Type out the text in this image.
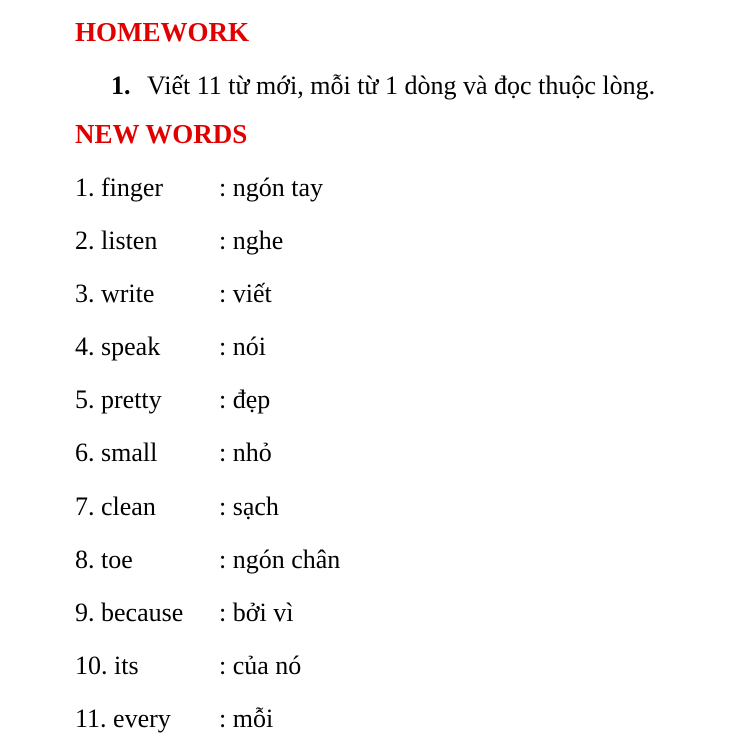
HOMEWORK
1. Viết 11 từ mới, mỗi từ 1 dòng và đọc thuộc lòng.
NEW WORDS
1. finger : ngón tay
2. listen : nghe
3. write : viết
4. speak : nói
5. pretty : đẹp
6. small : nhỏ
7. clean : sạch
8. toe	: ngón chân
9. because : bởi vì
10. its	: của nó
11. every : mỗi
